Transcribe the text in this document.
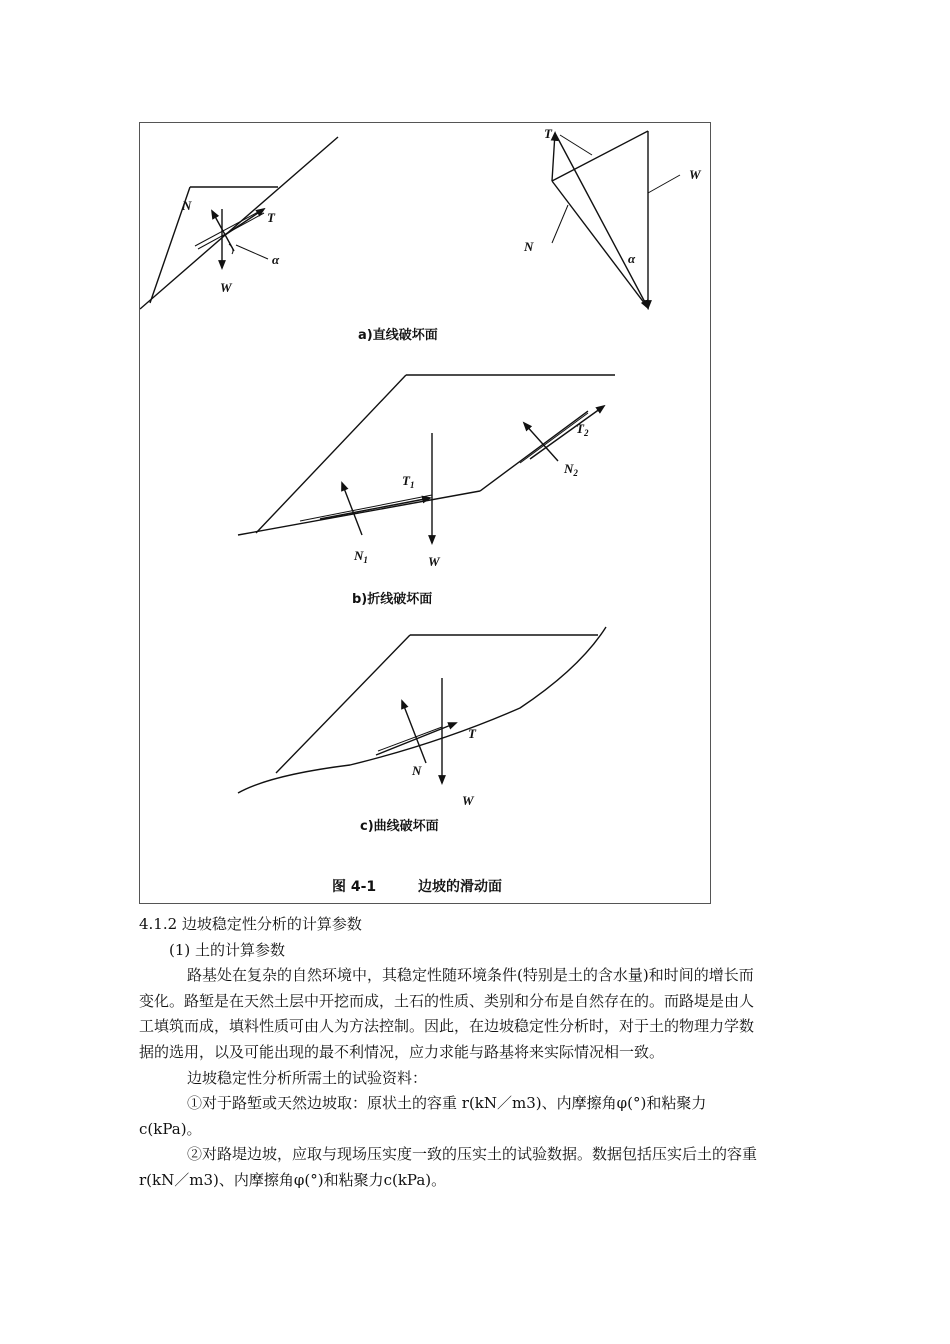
N
T
W
α
a)直线破坏面
T
W
N
α
$T_1$
$T_2$
$N_1$
$N_2$
W
b)折线破坏面
T
N
W
c)曲线破坏面
图 4-1	边坡的滑动面

4.1.2 边坡稳定性分析的计算参数

(1) 土的计算参数

路基处在复杂的自然环境中，其稳定性随环境条件(特别是土的含水量)和时间的增长而变化。路堑是在天然土层中开挖而成，土石的性质、类别和分布是自然存在的。而路堤是由人工填筑而成，填料性质可由人为方法控制。因此，在边坡稳定性分析时，对于土的物理力学数据的选用，以及可能出现的最不利情况，应力求能与路基将来实际情况相一致。

边坡稳定性分析所需土的试验资料：

①对于路堑或天然边坡取：原状土的容重 r(kN／m3)、内摩擦角φ(°)和粘聚力c(kPa)。

②对路堤边坡，应取与现场压实度一致的压实土的试验数据。数据包括压实后土的容重r(kN／m3)、内摩擦角φ(°)和粘聚力c(kPa)。
